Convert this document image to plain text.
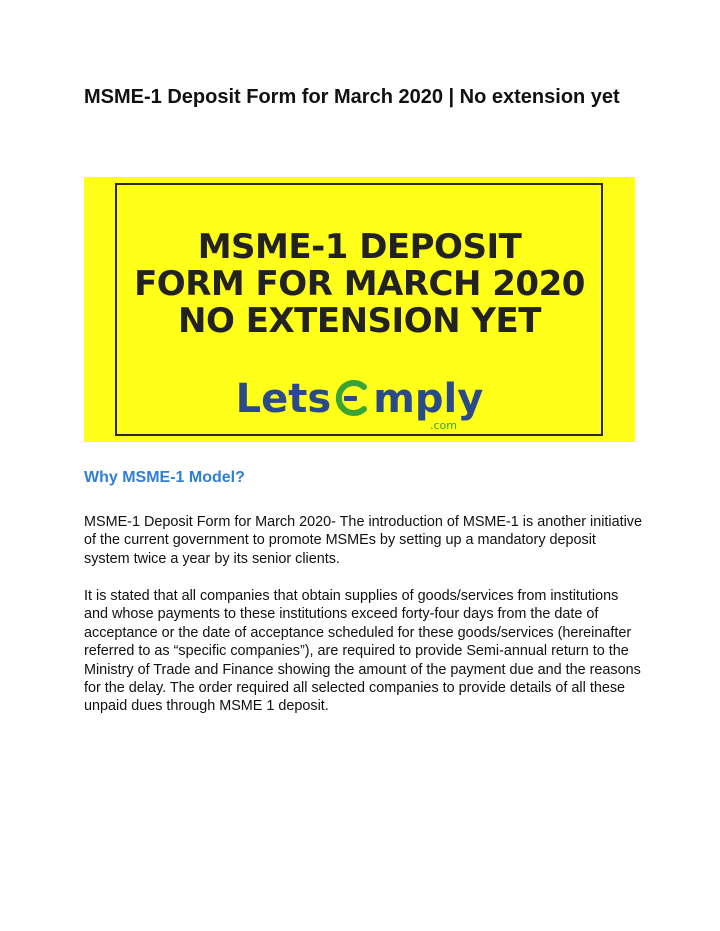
MSME-1 Deposit Form for March 2020 | No extension yet
MSME-1 DEPOSIT
FORM FOR MARCH 2020
NO EXTENSION YET
Lets mply
.com
Why MSME-1 Model?

MSME-1 Deposit Form for March 2020- The introduction of MSME-1 is another initiative of the current government to promote MSMEs by setting up a mandatory deposit system twice a year by its senior clients.

It is stated that all companies that obtain supplies of goods/services from institutions and whose payments to these institutions exceed forty-four days from the date of acceptance or the date of acceptance scheduled for these goods/services (hereinafter referred to as “specific companies”), are required to provide Semi-annual return to the Ministry of Trade and Finance showing the amount of the payment due and the reasons for the delay. The order required all selected companies to provide details of all these unpaid dues through MSME 1 deposit.
